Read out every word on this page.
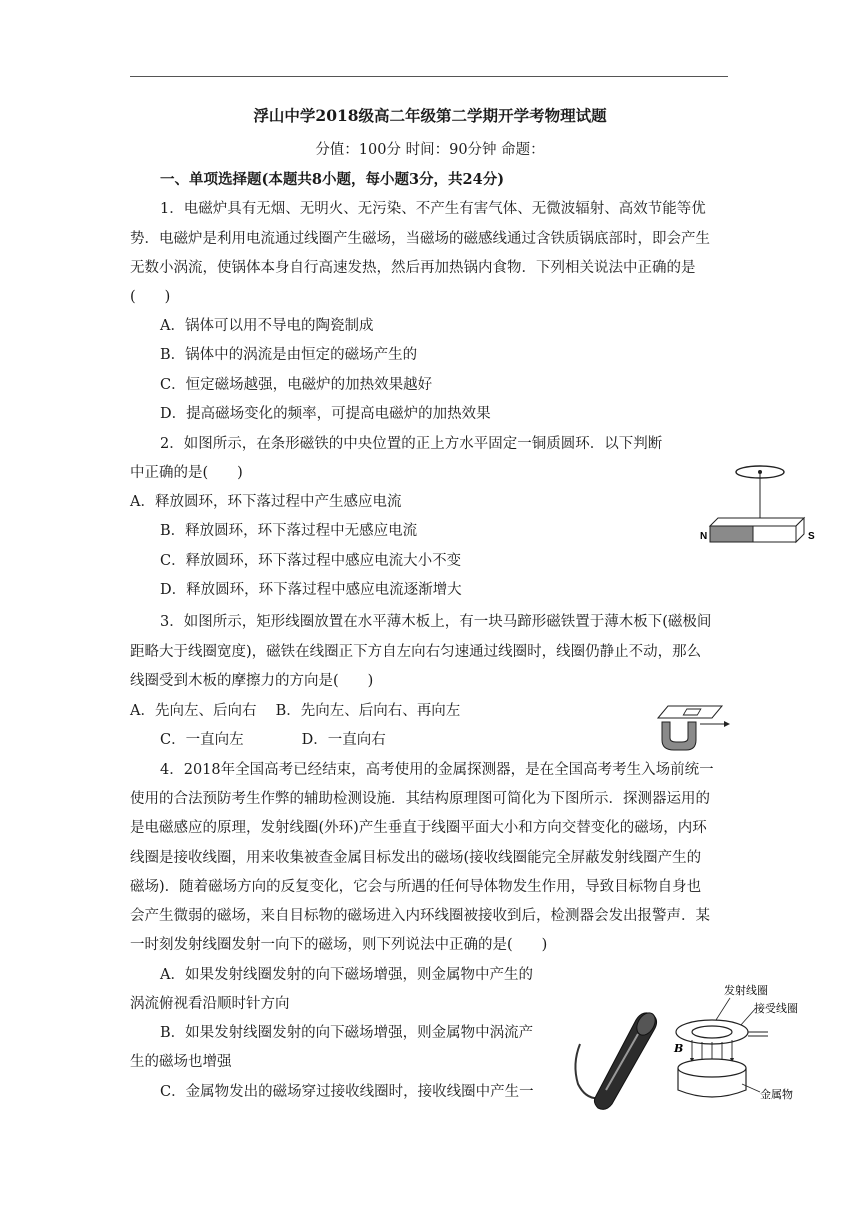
浮山中学2018级高二年级第二学期开学考物理试题
分值：100分 时间：90分钟 命题：
一、单项选择题(本题共8小题，每小题3分，共24分)
1．电磁炉具有无烟、无明火、无污染、不产生有害气体、无微波辐射、高效节能等优
势．电磁炉是利用电流通过线圈产生磁场，当磁场的磁感线通过含铁质锅底部时，即会产生
无数小涡流，使锅体本身自行高速发热，然后再加热锅内食物．下列相关说法中正确的是
(　　)
A．锅体可以用不导电的陶瓷制成
B．锅体中的涡流是由恒定的磁场产生的
C．恒定磁场越强，电磁炉的加热效果越好
D．提高磁场变化的频率，可提高电磁炉的加热效果
2．如图所示，在条形磁铁的中央位置的正上方水平固定一铜质圆环．以下判断
中正确的是(　　)
A．释放圆环，环下落过程中产生感应电流
B．释放圆环，环下落过程中无感应电流
C．释放圆环，环下落过程中感应电流大小不变
D．释放圆环，环下落过程中感应电流逐渐增大
N	S
3．如图所示，矩形线圈放置在水平薄木板上，有一块马蹄形磁铁置于薄木板下(磁极间
距略大于线圈宽度)，磁铁在线圈正下方自左向右匀速通过线圈时，线圈仍静止不动，那么
线圈受到木板的摩擦力的方向是(　　)
A．先向左、后向右　 B．先向左、后向右、再向左
C．一直向左　　　　D．一直向右
4．2018年全国高考已经结束，高考使用的金属探测器，是在全国高考考生入场前统一
使用的合法预防考生作弊的辅助检测设施．其结构原理图可简化为下图所示．探测器运用的
是电磁感应的原理，发射线圈(外环)产生垂直于线圈平面大小和方向交替变化的磁场，内环
线圈是接收线圈，用来收集被查金属目标发出的磁场(接收线圈能完全屏蔽发射线圈产生的
磁场)．随着磁场方向的反复变化，它会与所遇的任何导体物发生作用，导致目标物自身也
会产生微弱的磁场，来自目标物的磁场进入内环线圈被接收到后，检测器会发出报警声．某
一时刻发射线圈发射一向下的磁场，则下列说法中正确的是(　　)
A．如果发射线圈发射的向下磁场增强，则金属物中产生的
涡流俯视看沿顺时针方向
B．如果发射线圈发射的向下磁场增强，则金属物中涡流产
生的磁场也增强
C．金属物发出的磁场穿过接收线圈时，接收线圈中产生一
发射线圈
接受线圈
B
金属物
